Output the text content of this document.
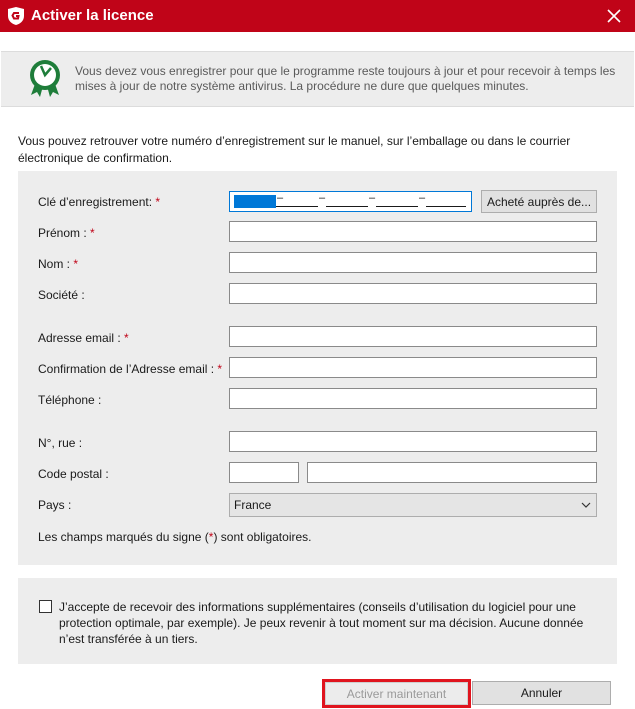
Activer la licence
Vous devez vous enregistrer pour que le programme reste toujours à jour et pour recevoir à temps les mises à jour de notre système antivirus. La procédure ne dure que quelques minutes.
Vous pouvez retrouver votre numéro d’enregistrement sur le manuel, sur l’emballage ou dans le courrier électronique de confirmation.
Clé d’enregistrement: *	–	–	–	–	Acheté auprès de...
Prénom : *
Nom : *
Société :
Adresse email : *
Confirmation de l’Adresse email : *
Téléphone :
N°, rue :
Code postal :
Pays :	France
Les champs marqués du signe (*) sont obligatoires.
J’accepte de recevoir des informations supplémentaires (conseils d’utilisation du logiciel pour une protection optimale, par exemple). Je peux revenir à tout moment sur ma décision. Aucune donnée n’est transférée à un tiers.
Activer maintenant	Annuler
